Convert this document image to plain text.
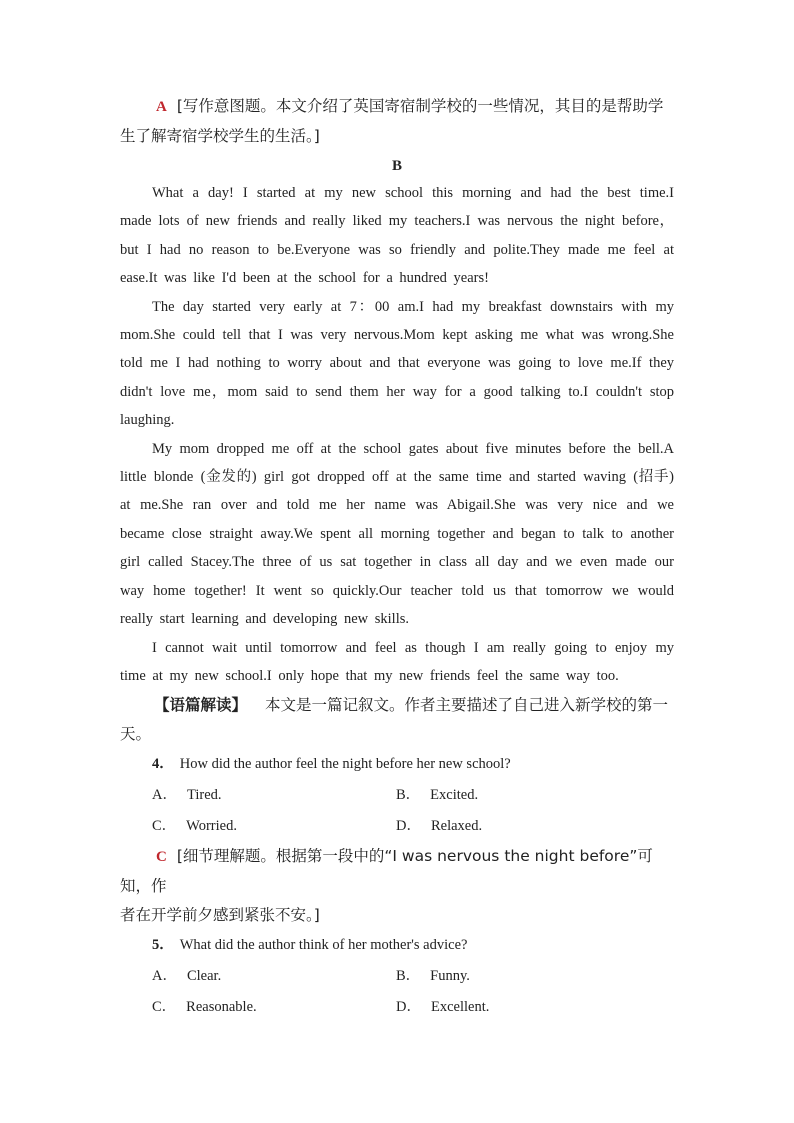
A [写作意图题。本文介绍了英国寄宿制学校的一些情况，其目的是帮助学
生了解寄宿学校学生的生活。]
B

What a day! I started at my new school this morning and had the best time.I made lots of new friends and really liked my teachers.I was nervous the night before，but I had no reason to be.Everyone was so friendly and polite.They made me feel at ease.It was like I'd been at the school for a hundred years!

The day started very early at 7：00 am.I had my breakfast downstairs with my mom.She could tell that I was very nervous.Mom kept asking me what was wrong.She told me I had nothing to worry about and that everyone was going to love me.If they didn't love me，mom said to send them her way for a good talking to.I couldn't stop laughing.

My mom dropped me off at the school gates about five minutes before the bell.A little blonde (金发的) girl got dropped off at the same time and started waving (招手) at me.She ran over and told me her name was Abigail.She was very nice and we became close straight away.We spent all morning together and began to talk to another girl called Stacey.The three of us sat together in class all day and we even made our way home together! It went so quickly.Our teacher told us that tomorrow we would really start learning and developing new skills.

I cannot wait until tomorrow and feel as though I am really going to enjoy my time at my new school.I only hope that my new friends feel the same way too.

【语篇解读】 本文是一篇记叙文。作者主要描述了自己进入新学校的第一
天。
4． How did the author feel the night before her new school?
A． Tired.	B． Excited.
C． Worried.	D． Relaxed.
C [细节理解题。根据第一段中的“I was nervous the night before”可知，作
者在开学前夕感到紧张不安。]
5． What did the author think of her mother's advice?
A． Clear.	B． Funny.
C． Reasonable.	D． Excellent.
